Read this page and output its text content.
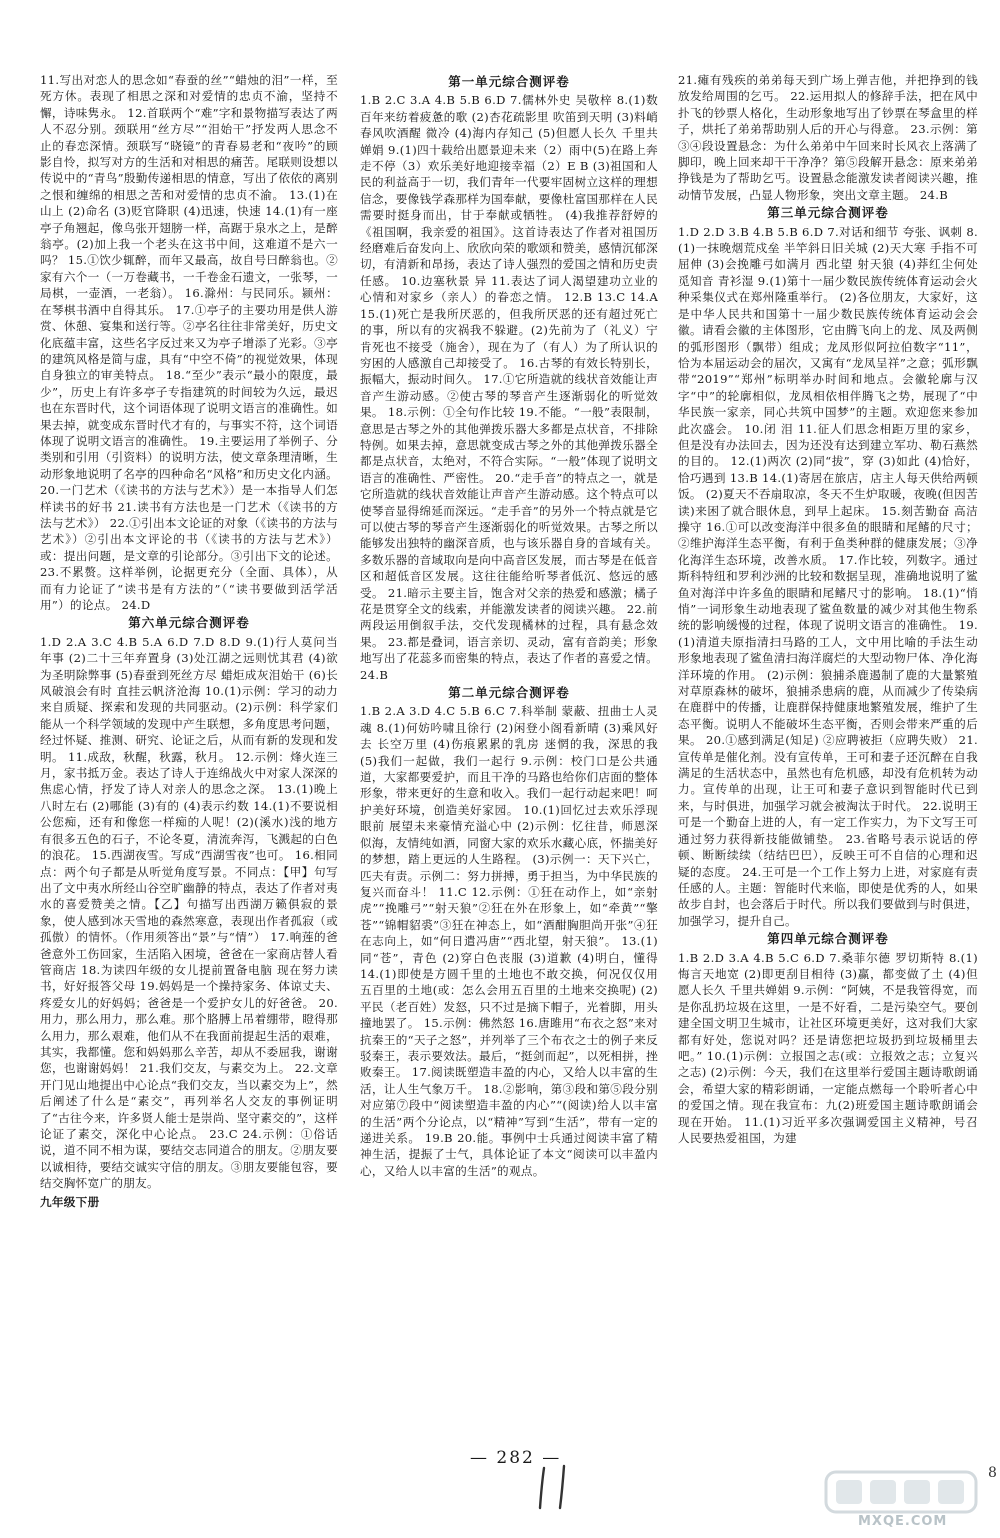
11.写出对恋人的思念如“春蚕的丝”“蜡烛的泪”一样，至死方休。表现了相思之深和对爱情的忠贞不渝，坚持不懈，诗味隽永。 12.首联两个“难”字和景物描写表达了两人不忍分别。颈联用“丝方尽”“泪始干”抒发两人思念不止的春恋深情。颈联写“晓镜”的青春易老和“夜吟”的顾影自怜，拟写对方的生活和对相思的痛苦。尾联则设想以传说中的“青鸟”殷勤传递相思的情意，写出了依依的离别之恨和缠绵的相思之苦和对爱情的忠贞不渝。 13.(1)在山上 (2)命名 (3)贬官降职 (4)迅速，快速 14.(1)有一座亭子角翘起，像鸟张开翅膀一样，高踞于泉水之上，是醉翁亭。(2)加上我一个老头在这书中间，这难道不是六一吗？ 15.①饮少辄醉，而年又最高，故自号曰醉翁也。②家有六个一（一万卷藏书，一千卷金石遗文，一张琴，一局棋，一壶酒，一老翁）。 16.滁州：与民同乐。颍州：在琴棋书酒中自得其乐。 17.①亭子的主要功用是供人游赏、休憩、宴集和送行等。②亭名往往非常美好，历史文化底蕴丰富，这些名字反过来又为亭子增添了光彩。③亭的建筑风格是简与虚，具有“中空不倚”的视觉效果，体现自身独立的审美特点。 18.“至少”表示“最小的限度，最少”，历史上有许多亭子专指建筑的时间较为久远，最迟也在东晋时代，这个词语体现了说明文语言的准确性。如果去掉，就变成东晋时代才有的，与事实不符，这个词语体现了说明文语言的准确性。 19.主要运用了举例子、分类别和引用（引资料）的说明方法，使文章条理清晰，生动形象地说明了名亭的四种命名“风格”和历史文化内涵。 20.一门艺术（《读书的方法与艺术》）是一本指导人们怎样读书的好书 21.读书有方法也是一门艺术（《读书的方法与艺术》） 22.①引出本文论证的对象（《读书的方法与艺术》）②引出本文评论的书（《读书的方法与艺术》）或：提出问题，是文章的引论部分。③引出下文的论述。 23.不累赘。这样举例，论据更充分（全面、具体），从而有力论证了“读书是有方法的”（“读书要做到活学活用”）的论点。 24.D

第六单元综合测评卷

1.D 2.A 3.C 4.B 5.A 6.D 7.D 8.D 9.(1)行人莫问当年事 (2)二十三年弃置身 (3)处江湖之远则忧其君 (4)欲为圣明除弊事 (5)春蚕到死丝方尽 蜡炬成灰泪始干 (6)长风破浪会有时 直挂云帆济沧海 10.(1)示例：学习的动力来自质疑、探索和发现的共同驱动。(2)示例：科学家们能从一个科学领域的发现中产生联想，多角度思考问题，经过怀疑、推测、研究、论证之后，从而有新的发现和发明。 11.成敌，秋醒，秋露，秋月。 12.示例：烽火连三月，家书抵万金。表达了诗人于连绵战火中对家人深深的焦虑心情，抒发了诗人对亲人的思念之深。 13.(1)晚上八时左右 (2)哪能 (3)有的 (4)表示约数 14.(1)不要说相公您痴，还有和像您一样痴的人呢！(2)(溪水)浅的地方有很多五色的石子，不论冬夏，清流奔泻，飞溅起的白色的浪花。 15.西湖夜雪。写成“西湖雪夜”也可。 16.相同点：两个句子都是从听觉角度写景。不同点：【甲】句写出了文中夷水所经山谷空旷幽静的特点，表达了作者对夷水的喜爱赞美之情。【乙】句描写出西湖万籁俱寂的景象，使人感到冰天雪地的森然寒意，表现出作者孤寂（或孤傲）的情怀。（作用须答出“景”与“情”） 17.响莲的爸爸意外工伤回家，生活陷入困境，爸爸在一家商店替人看管商店 18.为读四年级的女儿提前置备电脑 现在努力读书，好好报答父母 19.妈妈是一个操持家务、体谅丈夫、疼爱女儿的好妈妈；爸爸是一个爱护女儿的好爸爸。 20.用力，那么用力，那么难。那个胳膊上吊着绷带，瞪得那么用力，那么艰难，他们从不在我面前提起生活的艰难，其实，我都懂。您和妈妈那么辛苦，却从不委屈我，谢谢您，也谢谢妈妈！ 21.我们交友，与素交为上。 22.文章开门见山地提出中心论点“我们交友，当以素交为上”，然后阐述了什么是“素交”，再列举名人交友的事例证明了“古往今来，许多贤人能士是崇尚、坚守素交的”，这样论证了素交，深化中心论点。 23.C 24.示例：①俗话说，道不同不相为谋，要结交志同道合的朋友。②朋友要以诚相待，要结交诚实守信的朋友。③朋友要能包容，要结交胸怀宽广的朋友。

九年级下册

第一单元综合测评卷

1.B 2.C 3.A 4.B 5.B 6.D 7.儒林外史 吴敬梓 8.(1)数百年来纺着疲惫的歌 (2)杏花疏影里 吹笛到天明 (3)料峭春风吹酒醒 微冷 (4)海内存知己 (5)但愿人长久 千里共婵娟 9.(1)四十载给出愿景迎未来（2）雨中(5)在路上奔走不停（3）欢乐美好地迎接幸福（2）E B (3)祖国和人民的利益高于一切，我们青年一代要牢固树立这样的理想信念，要像钱学森那样为国奉献，要像杜富国那样在人民需要时挺身而出，甘于奉献或牺牲。 (4)我推荐舒婷的《祖国啊，我亲爱的祖国》。这首诗表达了作者对祖国历经磨难后奋发向上、欣欣向荣的歌颂和赞美，感情沉郁深切，有清新和昂扬，表达了诗人强烈的爱国之情和历史责任感。 10.边塞秋景 异 11.表达了词人渴望建功立业的心情和对家乡（亲人）的眷恋之情。 12.B 13.C 14.A 15.(1)死亡是我所厌恶的，但我所厌恶的还有超过死亡的事，所以有的灾祸我不躲避。(2)先前为了（礼义）宁肯死也不接受（施舍），现在为了（有人）为了所认识的穷困的人感激自己却接受了。 16.古琴的有效长特别长，振幅大，振动时间久。 17.①它所造就的线状音效能让声音产生游动感。②使古琴的琴音产生逐渐弱化的听觉效果。 18.示例：①全句作比较 19.不能。“一般”表限制，意思是古琴之外的其他弹拨乐器大多都是点状音，不排除特例。如果去掉，意思就变成古琴之外的其他弹拨乐器全都是点状音，太绝对，不符合实际。“一般”体现了说明文语言的准确性、严密性。 20.“走手音”的特点之一，就是它所造就的线状音效能让声音产生游动感。这个特点可以使琴音显得绵延而深远。“走手音”的另外一个特点就是它可以使古琴的琴音产生逐渐弱化的听觉效果。古琴之所以能够发出独特的幽深音质，也与该乐器自身的音域有关。多数乐器的音域取向是向中高音区发展，而古琴是在低音区和超低音区发展。这往往能给听琴者低沉、悠远的感受。 21.暗示主要主旨，饱含对父亲的热爱和感激；橘子花是贯穿全文的线索，并能激发读者的阅读兴趣。 22.前两段运用倒叙手法，交代发现橘林的过程，具有悬念效果。 23.都是叠词，语言亲切、灵动，富有音韵美；形象地写出了花蕊多而密集的特点，表达了作者的喜爱之情。 24.B

第二单元综合测评卷

1.B 2.A 3.D 4.C 5.B 6.C 7.科举制 蒙蔽、扭曲士人灵魂 8.(1)何妨吟啸且徐行 (2)闲登小阁看新晴 (3)乘风好去 长空万里 (4)伤痕累累的乳房 迷惘的我，深思的我 (5)我们一起做，我们一起行 9.示例：校门口是公共通道，大家都要爱护，而且干净的马路也给你们店面的整体形象，带来更好的生意和收入。我们一起行动起来吧！呵护美好环境，创造美好家园。 10.(1)回忆过去欢乐浮现眼前 展望未来豪情充溢心中 (2)示例：忆往昔，师恩深似海，友情纯如酒，同窗大家的欢乐水藏心底，怀揣美好的梦想，踏上更远的人生路程。 (3)示例一：天下兴亡，匹夫有责。示例二：努力拼搏，勇于担当，为中华民族的复兴而奋斗！ 11.C 12.示例：①狂在动作上，如“亲射虎”“挽雕弓”“射天狼”②狂在外在形象上，如“牵黄”“擎苍”“锦帽貂裘”③狂在神态上，如“酒酣胸胆尚开张”④狂在志向上，如“何日遣冯唐”“西北望，射天狼”。 13.(1)同“苍”，青色 (2)穿白色丧服 (3)道歉 (4)明白，懂得 14.(1)即使是方圆千里的土地也不敢交换，何况仅仅用五百里的土地(或：怎么会用五百里的土地来交换呢) (2)平民（老百姓）发怒，只不过是摘下帽子，光着脚，用头撞地罢了。 15.示例：佛然怒 16.唐雎用“布衣之怒”来对抗秦王的“天子之怒”，并列举了三个布衣之士的例子来反驳秦王，表示要效法。最后，“挺剑而起”，以死相拼，挫败秦王。 17.阅读既塑造丰盈的内心，又给人以丰富的生活，让人生气象万千。 18.②影响，第③段和第⑤段分别对应第⑦段中“阅读塑造丰盈的内心”“(阅读)给人以丰富的生活”两个分论点，以“精神”写到“生活”，带有一定的递进关系。 19.B 20.能。事例中士兵通过阅读丰富了精神生活，提振了士气，具体论证了本文“阅读可以丰盈内心，又给人以丰富的生活”的观点。

21.瘫有残疾的弟弟每天到广场上弹吉他，并把挣到的钱放发给周围的乞丐。 22.运用拟人的修辞手法，把在风中扑飞的钞票人格化，生动形象地写出了钞票在琴盒里的样子，烘托了弟弟帮助别人后的开心与得意。 23.示例：第③④段设置悬念：为什么弟弟中午回来时长风衣上落满了脚印，晚上回来却干干净净？第⑤段解开悬念：原来弟弟挣钱是为了帮助乞丐。设置悬念能激发读者阅读兴趣，推动情节发展，凸显人物形象，突出文章主题。 24.B

第三单元综合测评卷

1.D 2.D 3.B 4.B 5.B 6.D 7.对话和细节 夸张、讽刺 8.(1)一抹晚烟荒戍垒 半竿斜日旧关城 (2)天大寒 手指不可屈伸 (3)会挽雕弓如满月 西北望 射天狼 (4)莽红尘何处觅知音 青衫湿 9.(1)第十一届少数民族传统体育运动会火种采集仪式在郑州隆重举行。 (2)各位朋友，大家好，这是中华人民共和国第十一届少数民族传统体育运动会会徽。请看会徽的主体图形，它由腾飞向上的龙、凤及两侧的弧形图形（飘带）组成；龙凤形似阿拉伯数字“11”，恰为本届运动会的届次，又寓有“龙凤呈祥”之意；弧形飘带“2019”“郑州”标明举办时间和地点。会徽轮廓与汉字“中”的轮廓相似，龙凤相依相伴腾飞之势，展现了“中华民族一家亲，同心共筑中国梦”的主题。欢迎您来参加此次盛会。 10.闭 泪 11.征人们思念相距万里的家乡，但是没有办法回去，因为还没有达到建立军功、勒石燕然的目的。 12.(1)两次 (2)同“拔”，穿 (3)如此 (4)恰好，恰巧遇到 13.B 14.(1)寄居在旅店，店主人每天供给两顿饭。 (2)夏天不吞扇取凉，冬天不生炉取暖，夜晚(但因苦读)来困了就合眼休息，到早上起床。 15.刻苦勤奋 高洁操守 16.①可以改变海洋中很多鱼的眼睛和尾鳍的尺寸；②维护海洋生态平衡，有利于鱼类种群的健康发展；③净化海洋生态环境，改善水质。 17.作比较，列数字。通过斯科特纽和罗利沙洲的比较和数据呈现，准确地说明了鲨鱼对海洋中许多鱼的眼睛和尾鳍尺寸的影响。 18.(1)“悄悄”一词形象生动地表现了鲨鱼数量的减少对其他生物系统的影响缓慢的过程，体现了说明文语言的准确性。 19.(1)清道夫原指清扫马路的工人，文中用比喻的手法生动形象地表现了鲨鱼清扫海洋腐烂的大型动物尸体、净化海洋环境的作用。 (2)示例：狼捕杀鹿遏制了鹿的大量繁殖对草原森林的破坏，狼捕杀患病的鹿，从而减少了传染病在鹿群中的传播，让鹿群保持健康地繁殖发展，维护了生态平衡。说明人不能破坏生态平衡，否则会带来严重的后果。 20.①感到满足(知足) ②应聘被拒（应聘失败） 21.宣传单是催化剂。没有宣传单，王可和妻子还沉醉在自我满足的生活状态中，虽然也有危机感，却没有危机转为动力。宣传单的出现，让王可和妻子意识到智能时代已到来，与时俱进，加强学习就会被淘汰于时代。 22.说明王可是一个勤奋上进的人，有一定工作实力，为下文写王可通过努力获得新技能做铺垫。 23.省略号表示说话的停顿、断断续续（结结巴巴），反映王可不自信的心理和迟疑的态度。 24.王可是一个工作上努力上进，对家庭有责任感的人。主题：智能时代来临，即使是优秀的人，如果故步自封，也会落后于时代。所以我们要做到与时俱进，加强学习，提升自己。

第四单元综合测评卷

1.B 2.D 3.A 4.B 5.C 6.D 7.桑菲尔德 罗切斯特 8.(1)悔言天地宽 (2)即更刮目相待 (3)赢，都变做了土 (4)但愿人长久 千里共婵娟 9.示例：“阿姨，不是我管得宽，而是你乱扔垃圾在这里，一是不好看，二是污染空气。要创建全国文明卫生城市，让社区环境更美好，这对我们大家都有好处，您说对吗？还是请您把垃圾扔到垃圾桶里去吧。” 10.(1)示例：立报国之志(或：立报效之志；立复兴之志) (2)示例：今天，我们在这里举行爱国主题诗歌朗诵会，希望大家的精彩朗诵，一定能点燃每一个聆听者心中的爱国之情。现在我宣布：九(2)班爱国主题诗歌朗诵会现在开始。 11.(1)习近平多次强调爱国主义精神，号召人民要热爱祖国，为建

— 282 —
8
MXQE.COM
